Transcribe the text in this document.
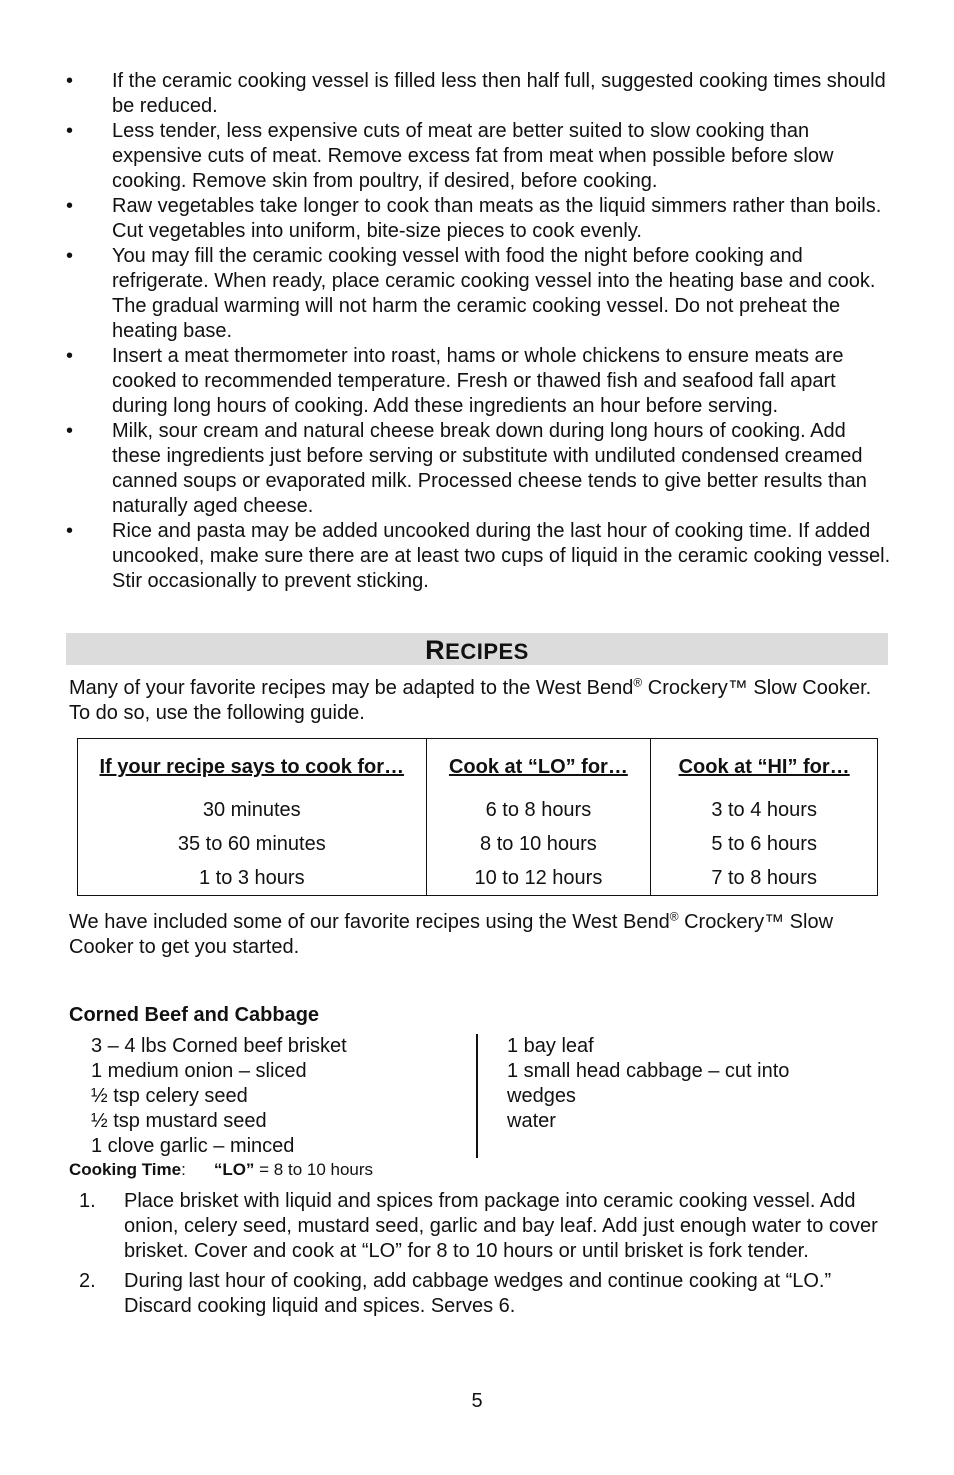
•	If the ceramic cooking vessel is filled less then half full, suggested cooking times should be reduced.
•	Less tender, less expensive cuts of meat are better suited to slow cooking than expensive cuts of meat. Remove excess fat from meat when possible before slow cooking. Remove skin from poultry, if desired, before cooking.
•	Raw vegetables take longer to cook than meats as the liquid simmers rather than boils. Cut vegetables into uniform, bite-size pieces to cook evenly.
•	You may fill the ceramic cooking vessel with food the night before cooking and refrigerate. When ready, place ceramic cooking vessel into the heating base and cook. The gradual warming will not harm the ceramic cooking vessel. Do not preheat the heating base.
•	Insert a meat thermometer into roast, hams or whole chickens to ensure meats are cooked to recommended temperature. Fresh or thawed fish and seafood fall apart during long hours of cooking. Add these ingredients an hour before serving.
•	Milk, sour cream and natural cheese break down during long hours of cooking. Add these ingredients just before serving or substitute with undiluted condensed creamed canned soups or evaporated milk. Processed cheese tends to give better results than naturally aged cheese.
•	Rice and pasta may be added uncooked during the last hour of cooking time. If added uncooked, make sure there are at least two cups of liquid in the ceramic cooking vessel. Stir occasionally to prevent sticking.
RECIPES

Many of your favorite recipes may be adapted to the West Bend® Crockery™ Slow Cooker. To do so, use the following guide.

If your recipe says to cook for…	Cook at “LO” for…	Cook at “HI” for…
30 minutes	6 to 8 hours	3 to 4 hours
35 to 60 minutes	8 to 10 hours	5 to 6 hours
1 to 3 hours	10 to 12 hours	7 to 8 hours

We have included some of our favorite recipes using the West Bend® Crockery™ Slow Cooker to get you started.

Corned Beef and Cabbage

3 – 4 lbs Corned beef brisket
1 medium onion – sliced
½ tsp celery seed
½ tsp mustard seed
1 clove garlic – minced
1 bay leaf
1 small head cabbage – cut into wedges
water

Cooking Time: “LO” = 8 to 10 hours

1. Place brisket with liquid and spices from package into ceramic cooking vessel. Add onion, celery seed, mustard seed, garlic and bay leaf. Add just enough water to cover brisket. Cover and cook at “LO” for 8 to 10 hours or until brisket is fork tender.
2. During last hour of cooking, add cabbage wedges and continue cooking at “LO.” Discard cooking liquid and spices. Serves 6.

5
